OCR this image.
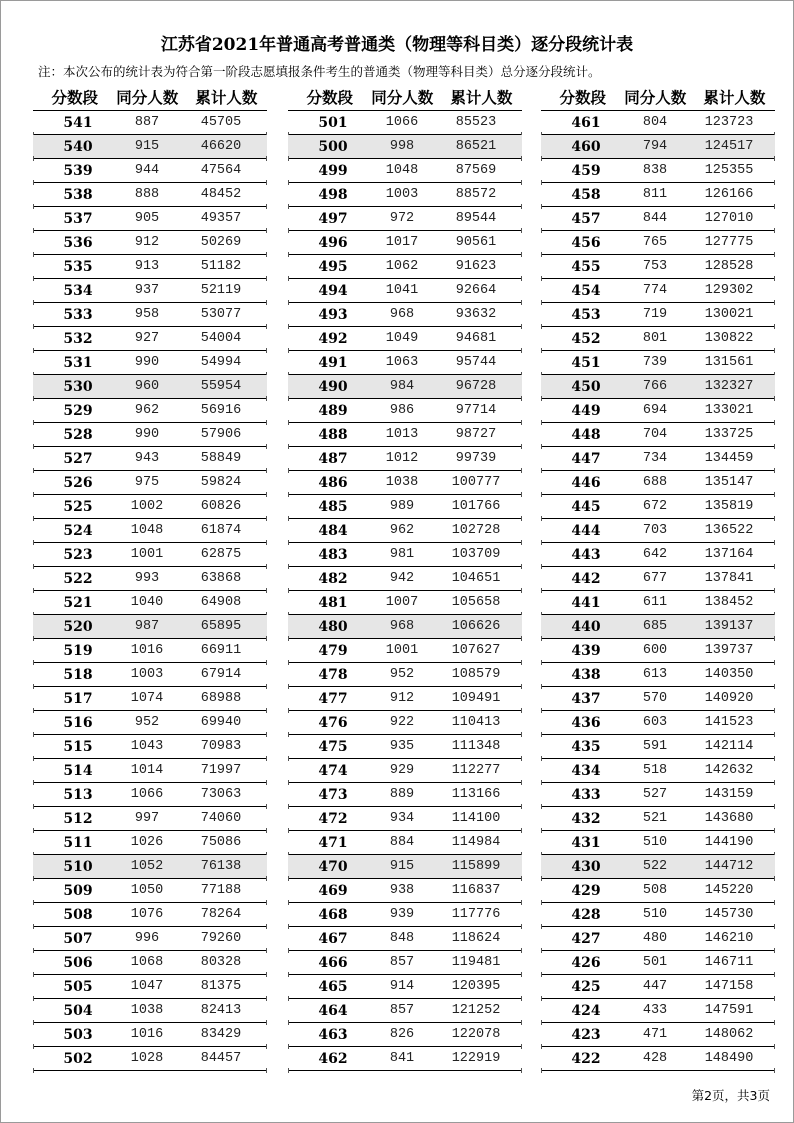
江苏省2021年普通高考普通类（物理等科目类）逐分段统计表
注：本次公布的统计表为符合第一阶段志愿填报条件考生的普通类（物理等科目类）总分逐分段统计。
分数段	同分人数	累计人数
541	887	45705
540	915	46620
539	944	47564
538	888	48452
537	905	49357
536	912	50269
535	913	51182
534	937	52119
533	958	53077
532	927	54004
531	990	54994
530	960	55954
529	962	56916
528	990	57906
527	943	58849
526	975	59824
525	1002	60826
524	1048	61874
523	1001	62875
522	993	63868
521	1040	64908
520	987	65895
519	1016	66911
518	1003	67914
517	1074	68988
516	952	69940
515	1043	70983
514	1014	71997
513	1066	73063
512	997	74060
511	1026	75086
510	1052	76138
509	1050	77188
508	1076	78264
507	996	79260
506	1068	80328
505	1047	81375
504	1038	82413
503	1016	83429
502	1028	84457
分数段	同分人数	累计人数
501	1066	85523
500	998	86521
499	1048	87569
498	1003	88572
497	972	89544
496	1017	90561
495	1062	91623
494	1041	92664
493	968	93632
492	1049	94681
491	1063	95744
490	984	96728
489	986	97714
488	1013	98727
487	1012	99739
486	1038	100777
485	989	101766
484	962	102728
483	981	103709
482	942	104651
481	1007	105658
480	968	106626
479	1001	107627
478	952	108579
477	912	109491
476	922	110413
475	935	111348
474	929	112277
473	889	113166
472	934	114100
471	884	114984
470	915	115899
469	938	116837
468	939	117776
467	848	118624
466	857	119481
465	914	120395
464	857	121252
463	826	122078
462	841	122919
分数段	同分人数	累计人数
461	804	123723
460	794	124517
459	838	125355
458	811	126166
457	844	127010
456	765	127775
455	753	128528
454	774	129302
453	719	130021
452	801	130822
451	739	131561
450	766	132327
449	694	133021
448	704	133725
447	734	134459
446	688	135147
445	672	135819
444	703	136522
443	642	137164
442	677	137841
441	611	138452
440	685	139137
439	600	139737
438	613	140350
437	570	140920
436	603	141523
435	591	142114
434	518	142632
433	527	143159
432	521	143680
431	510	144190
430	522	144712
429	508	145220
428	510	145730
427	480	146210
426	501	146711
425	447	147158
424	433	147591
423	471	148062
422	428	148490
第2页，共3页
